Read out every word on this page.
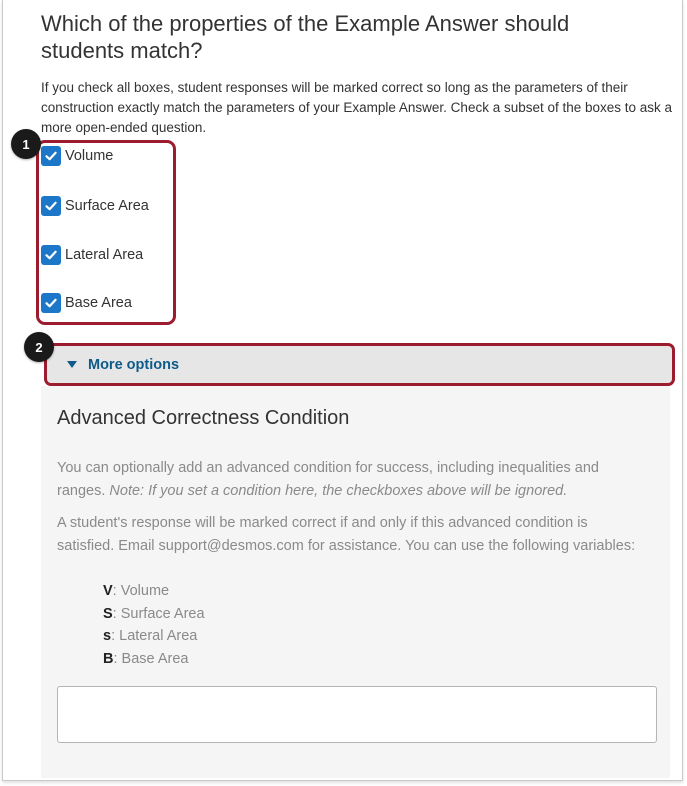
Which of the properties of the Example Answer should students match?

If you check all boxes, student responses will be marked correct so long as the parameters of their construction exactly match the parameters of your Example Answer. Check a subset of the boxes to ask a more open-ended question.

Volume
Surface Area
Lateral Area
Base Area
1
More options
2
Advanced Correctness Condition

You can optionally add an advanced condition for success, including inequalities and ranges. Note: If you set a condition here, the checkboxes above will be ignored.

A student's response will be marked correct if and only if this advanced condition is satisfied. Email support@desmos.com for assistance. You can use the following variables:

V: Volume
S: Surface Area
s: Lateral Area
B: Base Area
